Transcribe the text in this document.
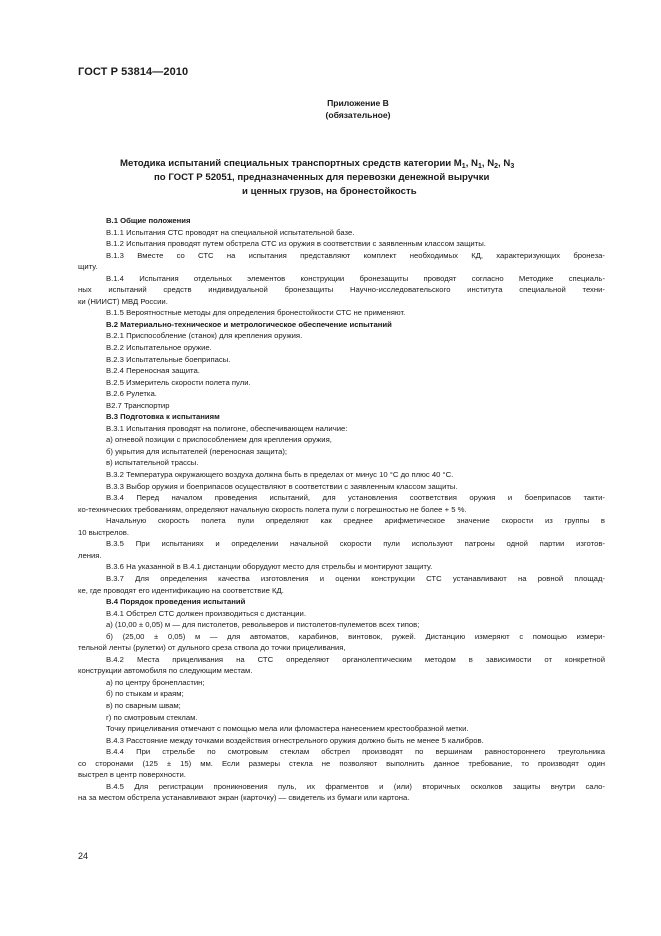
ГОСТ Р 53814—2010
Приложение В
(обязательное)
Методика испытаний специальных транспортных средств категории $M_1$, $N_1$, $N_2$, $N_3$
по ГОСТ Р 52051, предназначенных для перевозки денежной выручки
и ценных грузов, на бронестойкость
В.1 Общие положения
В.1.1 Испытания СТС проводят на специальной испытательной базе.
В.1.2 Испытания проводят путем обстрела СТС из оружия в соответствии с заявленным классом защиты.
В.1.3 Вместе со СТС на испытания представляют комплект необходимых КД, характеризующих бронеза-
щиту.
В.1.4 Испытания отдельных элементов конструкции бронезащиты проводят согласно Методике специаль-
ных испытаний средств индивидуальной бронезащиты Научно-исследовательского института специальной техни-
ки (НИИСТ) МВД России.
В.1.5 Вероятностные методы для определения бронестойкости СТС не применяют.
В.2 Материально-техническое и метрологическое обеспечение испытаний
В.2.1 Приспособление (станок) для крепления оружия.
В.2.2 Испытательное оружие.
В.2.3 Испытательные боеприпасы.
В.2.4 Переносная защита.
В.2.5 Измеритель скорости полета пули.
В.2.6 Рулетка.
В2.7 Транспортир
В.3 Подготовка к испытаниям
В.3.1 Испытания проводят на полигоне, обеспечивающем наличие:
а) огневой позиции с приспособлением для крепления оружия,
б) укрытия для испытателей (переносная защита);
в) испытательной трассы.
В.3.2 Температура окружающего воздуха должна быть в пределах от минус 10 °С до плюс 40 °С.
В.3.3 Выбор оружия и боеприпасов осуществляют в соответствии с заявленным классом защиты.
В.3.4 Перед началом проведения испытаний, для установления соответствия оружия и боеприпасов такти-
ко-технических требованиям, определяют начальную скорость полета пули с погрешностью не более + 5 %.
Начальную скорость полета пули определяют как среднее арифметическое значение скорости из группы в
10 выстрелов.
В.3.5 При испытаниях и определении начальной скорости пули используют патроны одной партии изготов-
ления.
В.3.6 На указанной в В.4.1 дистанции оборудуют место для стрельбы и монтируют защиту.
В.3.7 Для определения качества изготовления и оценки конструкции СТС устанавливают на ровной площад-
ке, где проводят его идентификацию на соответствие КД.
В.4 Порядок проведения испытаний
В.4.1 Обстрел СТС должен производиться с дистанции.
а) (10,00 ± 0,05) м — для пистолетов, револьверов и пистолетов-пулеметов всех типов;
б) (25,00 ± 0,05) м — для автоматов, карабинов, винтовок, ружей. Дистанцию измеряют с помощью измери-
тельной ленты (рулетки) от дульного среза ствола до точки прицеливания,
В.4.2 Места прицеливания на СТС определяют органолептическим методом в зависимости от конкретной
конструкции автомобиля по следующим местам.
а) по центру бронепластин;
б) по стыкам и краям;
в) по сварным швам;
г) по смотровым стеклам.
Точку прицеливания отмечают с помощью мела или фломастера нанесением крестообразной метки.
В.4.3 Расстояние между точками воздействия огнестрельного оружия должно быть не менее 5 калибров.
В.4.4 При стрельбе по смотровым стеклам обстрел производят по вершинам равностороннего треугольника
со сторонами (125 ± 15) мм. Если размеры стекла не позволяют выполнить данное требование, то производят один
выстрел в центр поверхности.
В.4.5 Для регистрации проникновения пуль, их фрагментов и (или) вторичных осколков защиты внутри сало-
на за местом обстрела устанавливают экран (карточку) — свидетель из бумаги или картона.
24
